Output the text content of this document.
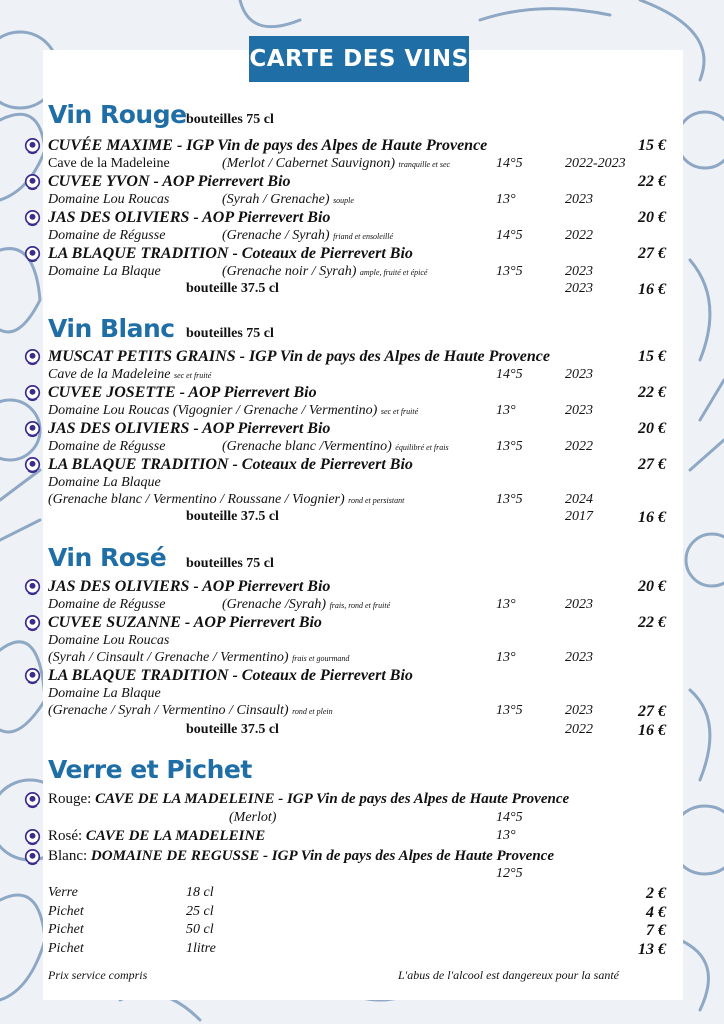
CARTE DES VINS
Vin Rouge bouteilles 75 cl
CUVÉE MAXIME - IGP Vin de pays des Alpes de Haute Provence	15 €
Cave de la Madeleine	(Merlot / Cabernet Sauvignon) tranquille et sec	14°5	2022-2023
CUVEE YVON - AOP Pierrevert Bio	22 €
Domaine Lou Roucas	(Syrah / Grenache) souple	13°	2023
JAS DES OLIVIERS - AOP Pierrevert Bio	20 €
Domaine de Régusse	(Grenache / Syrah) friand et ensoleillé	14°5	2022
LA BLAQUE TRADITION - Coteaux de Pierrevert Bio	27 €
Domaine La Blaque	(Grenache noir / Syrah) ample, fruité et épicé	13°5	2023
bouteille 37.5 cl	2023	16 €
Vin Blanc bouteilles 75 cl
MUSCAT PETITS GRAINS - IGP Vin de pays des Alpes de Haute Provence	15 €
Cave de la Madeleine sec et fruité	14°5	2023
CUVEE JOSETTE - AOP Pierrevert Bio	22 €
Domaine Lou Roucas (Vigognier / Grenache / Vermentino) sec et fruité	13°	2023
JAS DES OLIVIERS - AOP Pierrevert Bio	20 €
Domaine de Régusse	(Grenache blanc /Vermentino) équilibré et frais	13°5	2022
LA BLAQUE TRADITION - Coteaux de Pierrevert Bio	27 €
Domaine La Blaque
(Grenache blanc / Vermentino / Roussane / Viognier) rond et persistant	13°5	2024
bouteille 37.5 cl	2017	16 €
Vin Rosé bouteilles 75 cl
JAS DES OLIVIERS - AOP Pierrevert Bio	20 €
Domaine de Régusse	(Grenache /Syrah) frais, rond et fruité	13°	2023
CUVEE SUZANNE - AOP Pierrevert Bio	22 €
Domaine Lou Roucas
(Syrah / Cinsault / Grenache / Vermentino) frais et gourmand	13°	2023
LA BLAQUE TRADITION - Coteaux de Pierrevert Bio
Domaine La Blaque
(Grenache / Syrah / Vermentino / Cinsault) rond et plein	13°5	2023	27 €
bouteille 37.5 cl	2022	16 €
Verre et Pichet
Rouge: CAVE DE LA MADELEINE - IGP Vin de pays des Alpes de Haute Provence
(Merlot)	14°5
Rosé: CAVE DE LA MADELEINE	13°
Blanc: DOMAINE DE REGUSSE - IGP Vin de pays des Alpes de Haute Provence
12°5
Verre	18 cl	2 €
Pichet	25 cl	4 €
Pichet	50 cl	7 €
Pichet	1litre	13 €
Prix service compris	L'abus de l'alcool est dangereux pour la santé
